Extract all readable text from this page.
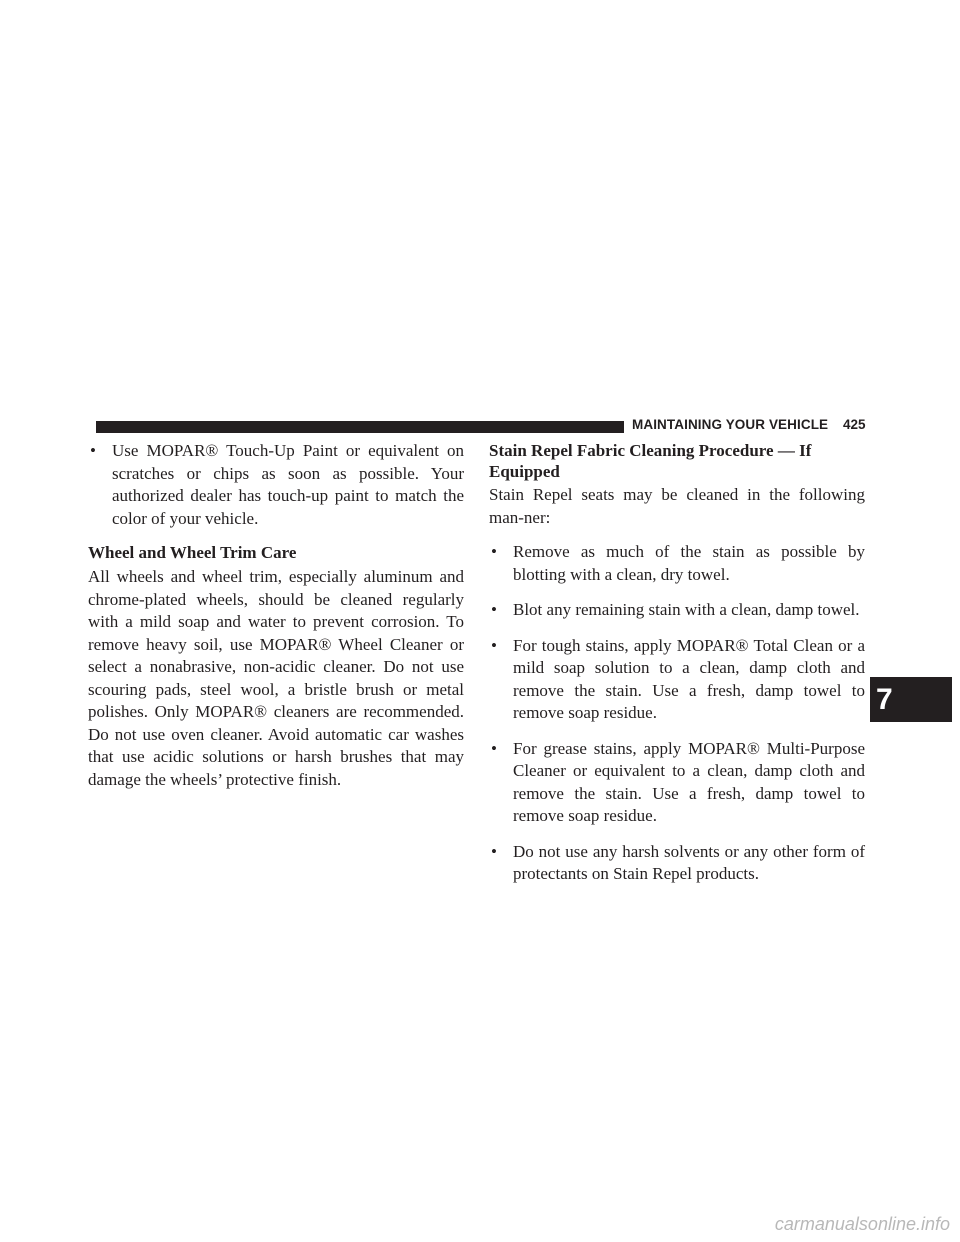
MAINTAINING YOUR VEHICLE 425
• Use MOPAR® Touch-Up Paint or equivalent on scratches or chips as soon as possible. Your authorized dealer has touch-up paint to match the color of your vehicle.

Wheel and Wheel Trim Care

All wheels and wheel trim, especially aluminum and chrome-plated wheels, should be cleaned regularly with a mild soap and water to prevent corrosion. To remove heavy soil, use MOPAR® Wheel Cleaner or select a nonabrasive, non-acidic cleaner. Do not use scouring pads, steel wool, a bristle brush or metal polishes. Only MOPAR® cleaners are recommended. Do not use oven cleaner. Avoid automatic car washes that use acidic solutions or harsh brushes that may damage the wheels’ protective finish.

Stain Repel Fabric Cleaning Procedure — If Equipped

Stain Repel seats may be cleaned in the following man-ner:

• Remove as much of the stain as possible by blotting with a clean, dry towel.
• Blot any remaining stain with a clean, damp towel.
• For tough stains, apply MOPAR® Total Clean or a mild soap solution to a clean, damp cloth and remove the stain. Use a fresh, damp towel to remove soap residue.
• For grease stains, apply MOPAR® Multi-Purpose Cleaner or equivalent to a clean, damp cloth and remove the stain. Use a fresh, damp towel to remove soap residue.
• Do not use any harsh solvents or any other form of protectants on Stain Repel products.
7
carmanualsonline.info
